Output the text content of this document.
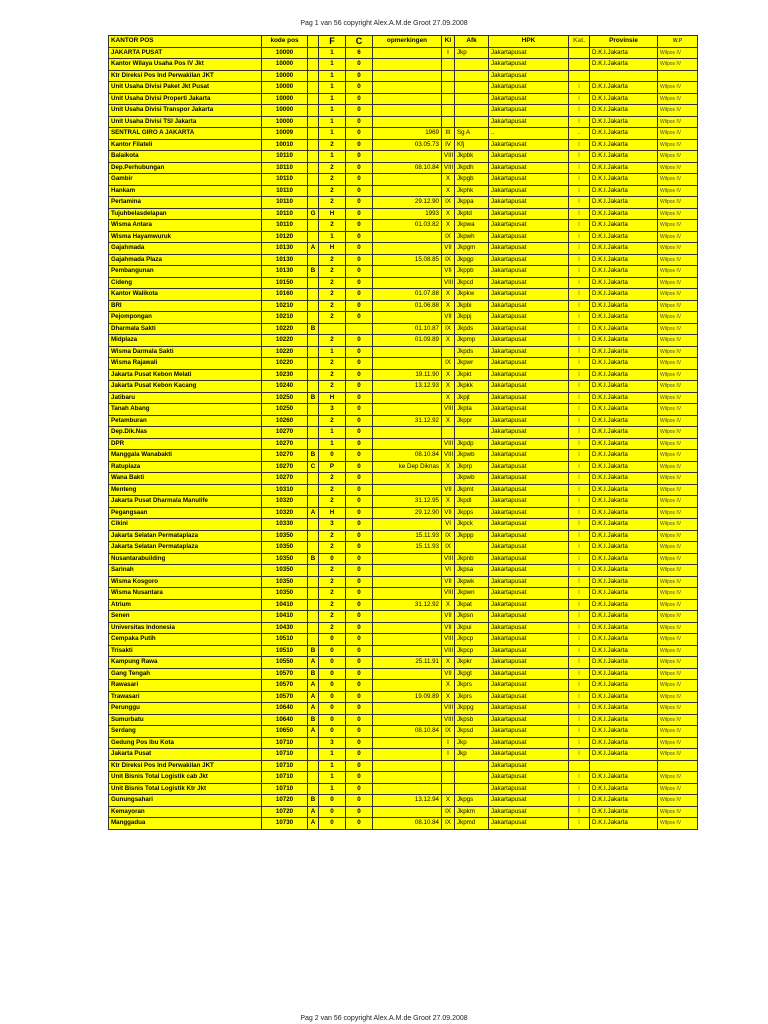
Pag 1 van 56 copyright Alex.A.M.de Groot 27.09.2008
KANTOR POS	kode pos		F	C	opmerkingen	Kl	Afk	HPK	Kat.	Provinsie	W.P
JAKARTA PUSAT	10000		1	6		I	Jkp	Jakartapusat		D.K.I.Jakarta	Wilpos IV
Kantor Wilaya Usaha Pos IV Jkt	10000		1	0				Jakartapusat		D.K.I.Jakarta	Wilpos IV
Ktr Direksi Pos Ind Perwakilan JKT	10000		1	0				Jakartapusat			
Unit Usaha Divisi Paket Jkt Pusat	10000		1	0				Jakartapusat	I	D.K.I.Jakarta	Wilpos IV
Unit Usaha Divisi Properti Jakarta	10000		1	0				Jakartapusat	I	D.K.I.Jakarta	Wilpos IV
Unit Usaha Divisi Transpor Jakarta	10000		1	0				Jakartapusat	I	D.K.I.Jakarta	Wilpos IV
Unit Usaha Divisi TSI Jakarta	10000		1	0				Jakartapusat	I	D.K.I.Jakarta	Wilpos IV
SENTRAL GIRO A JAKARTA	10009		1	0	1969	III	Sg A	..	..	D.K.I.Jakarta	Wilpos IV
Kantor Filateli	10010		2	0	03.05.73	IV	Kfj	Jakartapusat	I	D.K.I.Jakarta	Wilpos IV
Balaikota	10110		1	0		VIII	Jkpbk	Jakartapusat	I	D.K.I.Jakarta	Wilpos IV
Dep.Perhubungan	10110		2	0	08.10.84	VIII	Jkpdh	Jakartapusat	I	D.K.I.Jakarta	Wilpos IV
Gambir	10110		2	0		X	Jkpgb	Jakartapusat	I	D.K.I.Jakarta	Wilpos IV
Hankam	10110		2	0		X	Jkphk	Jakartapusat	I	D.K.I.Jakarta	Wilpos IV
Pertamina	10110		2	0	29.12.90	IX	Jkppa	Jakartapusat	I	D.K.I.Jakarta	Wilpos IV
Tujuhbelasdelapan	10110	G	H	0	1993	X	Jkptd	Jakartapusat	I	D.K.I.Jakarta	Wilpos IV
Wisma Antara	10110		2	0	01.03.82	X	Jkpwa	Jakartapusat	I	D.K.I.Jakarta	Wilpos IV
Wisma Hayamwuruk	10120		1	0		IX	Jkpwh	Jakartapusat	I	D.K.I.Jakarta	Wilpos IV
Gajahmada	10130	A	H	0		VII	Jkpgm	Jakartapusat	I	D.K.I.Jakarta	Wilpos IV
Gajahmada Plaza	10130		2	0	15.08.85	IX	Jkpgp	Jakartapusat	I	D.K.I.Jakarta	Wilpos IV
Pembangunan	10130	B	2	0		VII	Jkppb	Jakartapusat	I	D.K.I.Jakarta	Wilpos IV
Cideng	10150		2	0		VIII	Jkpcd	Jakartapusat	I	D.K.I.Jakarta	Wilpos IV
Kantor Walikota	10160		2	0	01.07.88	X	Jkpkw	Jakartapusat	I	D.K.I.Jakarta	Wilpos IV
BRI	10210		2	0	01.06.88	X	Jkpbi	Jakartapusat	I	D.K.I.Jakarta	Wilpos IV
Pejompongan	10210		2	0		VII	Jkppj	Jakartapusat	I	D.K.I.Jakarta	Wilpos IV
Dharmala Sakti	10220	B			01.10.87	IX	Jkpds	Jakartapusat	I	D.K.I.Jakarta	Wilpos IV
Midplaza	10220		2	0	01.09.89	X	Jkpmp	Jakartapusat	I	D.K.I.Jakarta	Wilpos IV
Wisma Darmala Sakti	10220		1	0			Jkpds	Jakartapusat	I	D.K.I.Jakarta	Wilpos IV
Wisma Rajawali	10220		2	0		IX	Jkpwr	Jakartapusat	I	D.K.I.Jakarta	Wilpos IV
Jakarta Pusat Kebon Melati	10230		2	0	19.11.90	X	Jkpkt	Jakartapusat	I	D.K.I.Jakarta	Wilpos IV
Jakarta Pusat Kebon Kacang	10240		2	0	13.12.93	X	Jkpkk	Jakartapusat	I	D.K.I.Jakarta	Wilpos IV
Jatibaru	10250	B	H	0		X	Jkpjt	Jakartapusat	I	D.K.I.Jakarta	Wilpos IV
Tanah Abang	10250		3	0		VIII	Jkpta	Jakartapusat	I	D.K.I.Jakarta	Wilpos IV
Petamburan	10260		2	0	31.12.92	X	Jkppr	Jakartapusat	I	D.K.I.Jakarta	Wilpos IV
Dep.Dik.Nas	10270		1	0				Jakartapusat	I	D.K.I.Jakarta	Wilpos IV
DPR	10270		1	0		VIII	Jkpdp	Jakartapusat	I	D.K.I.Jakarta	Wilpos IV
Manggala Wanabakti	10270	B	0	0	08.10.84	VIII	Jkpwb	Jakartapusat	I	D.K.I.Jakarta	Wilpos IV
Ratuplaza	10270	C	P	0	ke Dep Diknas	X	Jkprp	Jakartapusat	I	D.K.I.Jakarta	Wilpos IV
Wana Bakti	10270		2	0			Jkpwb	Jakartapusat	I	D.K.I.Jakarta	Wilpos IV
Menteng	10310		2	0		VII	Jkpmt	Jakartapusat	I	D.K.I.Jakarta	Wilpos IV
Jakarta Pusat Dharmala Manulife	10320		2	0	31.12.95	X	Jkpdl	Jakartapusat	I	D.K.I.Jakarta	Wilpos IV
Pegangsaan	10320	A	H	0	29.12.90	VII	Jkpps	Jakartapusat	I	D.K.I.Jakarta	Wilpos IV
Cikini	10330		3	0		VI	Jkpck	Jakartapusat	I	D.K.I.Jakarta	Wilpos IV
Jakarta Selatan Permataplaza	10350		2	0	15.11.93	IX	Jkppp	Jakartapusat	I	D.K.I.Jakarta	Wilpos IV
Jakarta Selatan Permataplaza	10350		2	0	15.11.93	IX		Jakartapusat	I	D.K.I.Jakarta	Wilpos IV
Nusantarabuilding	10350	B	0	0		VIII	Jkpnb	Jakartapusat	I	D.K.I.Jakarta	Wilpos IV
Sarinah	10350		2	0		VI	Jkpsa	Jakartapusat	I	D.K.I.Jakarta	Wilpos IV
Wisma Kosgoro	10350		2	0		VII	Jkpwk	Jakartapusat	I	D.K.I.Jakarta	Wilpos IV
Wisma Nusantara	10350		2	0		VIII	Jkpwn	Jakartapusat	I	D.K.I.Jakarta	Wilpos IV
Atrium	10410		2	0	31.12.92	X	Jkpat	Jakartapusat	I	D.K.I.Jakarta	Wilpos IV
Senen	10410		2	0		VII	Jkpsn	Jakartapusat	I	D.K.I.Jakarta	Wilpos IV
Universitas Indonesia	10430		2	0		VII	Jkpui	Jakartapusat	I	D.K.I.Jakarta	Wilpos IV
Cempaka Putih	10510		0	0		VIII	Jkpcp	Jakartapusat	I	D.K.I.Jakarta	Wilpos IV
Trisakti	10510	B	0	0		VIII	Jkpcp	Jakartapusat	I	D.K.I.Jakarta	Wilpos IV
Kampung Rawa	10550	A	0	0	25.11.91	X	Jkpkr	Jakartapusat	I	D.K.I.Jakarta	Wilpos IV
Gang Tengah	10570	B	0	0		VII	Jkpgt	Jakartapusat	I	D.K.I.Jakarta	Wilpos IV
Rawasari	10570	A	0	0		X	Jkprs	Jakartapusat	I	D.K.I.Jakarta	Wilpos IV
Trawasari	10570	A	0	0	19.09.89	X	Jkprs	Jakartapusat	I	D.K.I.Jakarta	Wilpos IV
Perunggu	10640	A	0	0		VIII	Jkppg	Jakartapusat	I	D.K.I.Jakarta	Wilpos IV
Sumurbatu	10640	B	0	0		VIII	Jkpsb	Jakartapusat	I	D.K.I.Jakarta	Wilpos IV
Serdang	10650	A	0	0	08.10.84	IX	Jkpsd	Jakartapusat	I	D.K.I.Jakarta	Wilpos IV
Gedung Pos Ibu Kota	10710		3	0		I	Jkp	Jakartapusat	I	D.K.I.Jakarta	Wilpos IV
Jakarta Pusat	10710		1	0		I	Jkp	Jakartapusat	I	D.K.I.Jakarta	Wilpos IV
Ktr Direksi Pos Ind Perwakilan JKT	10710		1	0				Jakartapusat			
Unit Bisnis Total Logistik cab Jkt	10710		1	0				Jakartapusat	I	D.K.I.Jakarta	Wilpos IV
Unit Bisnis Total Logistik Ktr Jkt	10710		1	0				Jakartapusat	I	D.K.I.Jakarta	Wilpos IV
Gunungsahari	10720	B	0	0	13.12.94	X	Jkpgs	Jakartapusat	I	D.K.I.Jakarta	Wilpos IV
Kemayoran	10720	A	0	0		IX	Jkpkm	Jakartapusat	I	D.K.I.Jakarta	Wilpos IV
Manggadua	10730	A	0	0	08.10.84	IX	Jkpmd	Jakartapusat	I	D.K.I.Jakarta	Wilpos IV
Pag 2 van 56 copyright Alex.A.M.de Groot 27.09.2008
